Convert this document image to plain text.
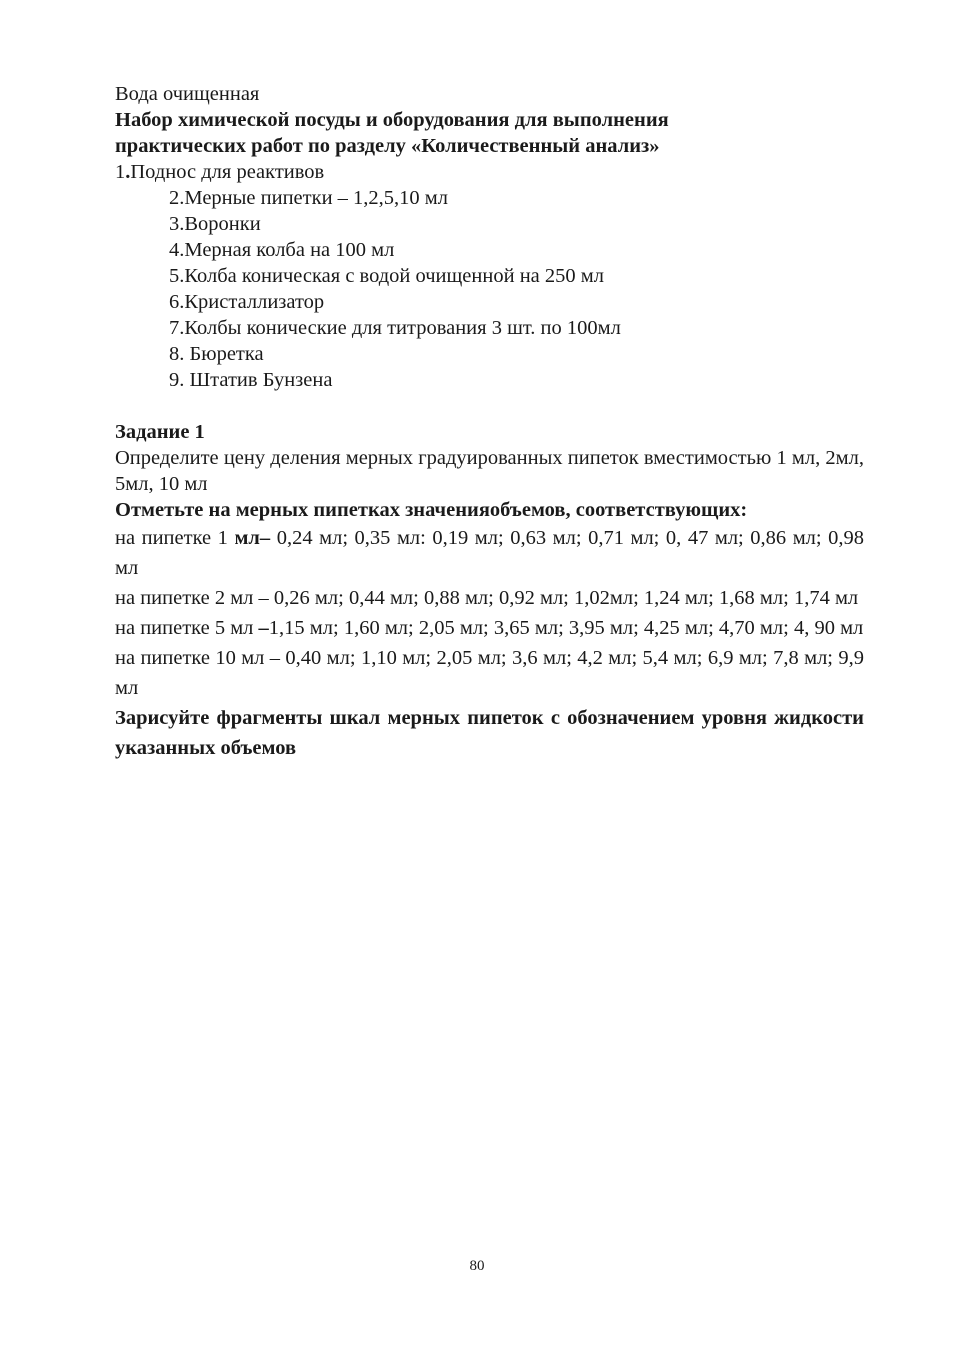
Вода очищенная
Набор химической посуды и оборудования для выполнения
практических работ по разделу «Количественный анализ»
1.Поднос для реактивов
2.Мерные пипетки – 1,2,5,10 мл
3.Воронки
4.Мерная колба на 100 мл
5.Колба коническая с водой очищенной на 250 мл
6.Кристаллизатор
7.Колбы конические для титрования 3 шт. по 100мл
8. Бюретка
9. Штатив Бунзена
Задание 1
Определите цену деления мерных градуированных пипеток вместимостью 1 мл, 2мл, 5мл, 10 мл
Отметьте на мерных пипетках значенияобъемов, соответствующих:
на пипетке 1 мл– 0,24 мл; 0,35 мл: 0,19 мл; 0,63 мл; 0,71 мл; 0, 47 мл; 0,86 мл; 0,98 мл
на пипетке 2 мл – 0,26 мл; 0,44 мл; 0,88 мл; 0,92 мл; 1,02мл; 1,24 мл; 1,68 мл; 1,74 мл
на пипетке 5 мл –1,15 мл; 1,60 мл; 2,05 мл; 3,65 мл; 3,95 мл; 4,25 мл; 4,70 мл; 4, 90 мл
на пипетке 10 мл – 0,40 мл; 1,10 мл; 2,05 мл; 3,6 мл; 4,2 мл; 5,4 мл; 6,9 мл; 7,8 мл; 9,9 мл
Зарисуйте фрагменты шкал мерных пипеток с обозначением уровня жидкости указанных объемов
80
